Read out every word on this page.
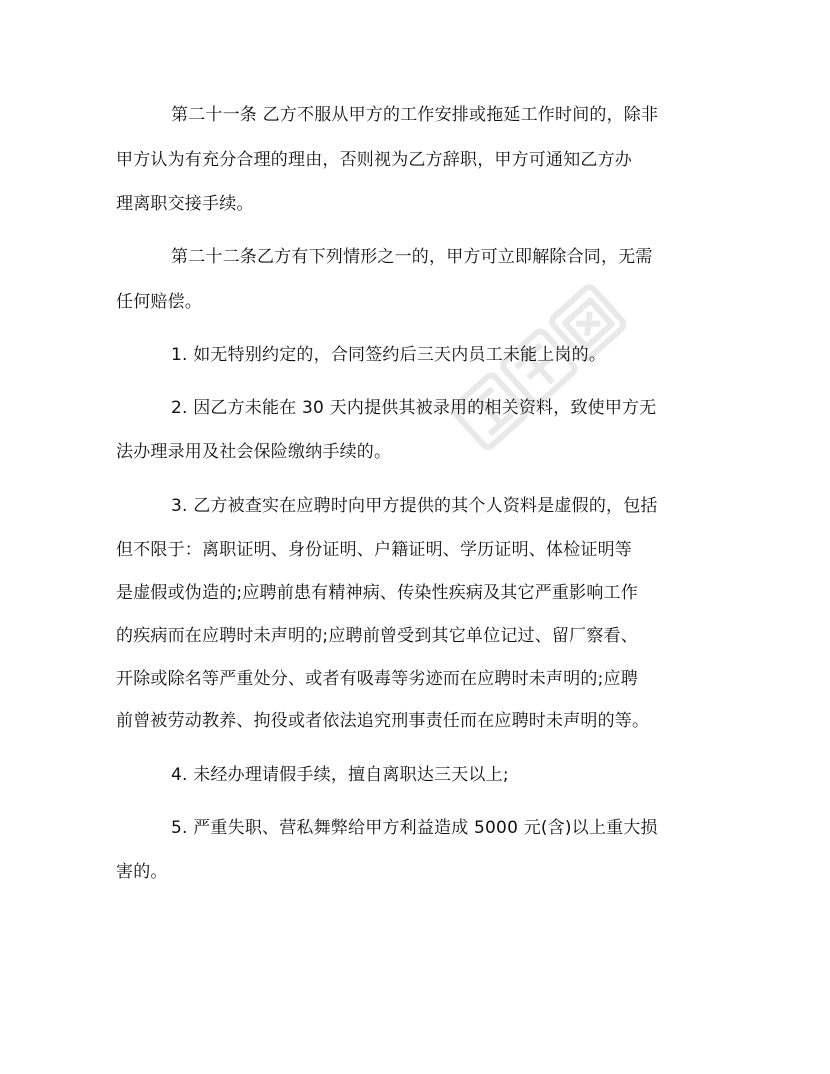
第二十一条 乙方不服从甲方的工作安排或拖延工作时间的，除非
甲方认为有充分合理的理由，否则视为乙方辞职，甲方可通知乙方办
理离职交接手续。
第二十二条乙方有下列情形之一的，甲方可立即解除合同，无需
任何赔偿。
1. 如无特别约定的，合同签约后三天内员工未能上岗的。
2. 因乙方未能在 30 天内提供其被录用的相关资料，致使甲方无
法办理录用及社会保险缴纳手续的。
3. 乙方被查实在应聘时向甲方提供的其个人资料是虚假的，包括
但不限于：离职证明、身份证明、户籍证明、学历证明、体检证明等
是虚假或伪造的;应聘前患有精神病、传染性疾病及其它严重影响工作
的疾病而在应聘时未声明的;应聘前曾受到其它单位记过、留厂察看、
开除或除名等严重处分、或者有吸毒等劣迹而在应聘时未声明的;应聘
前曾被劳动教养、拘役或者依法追究刑事责任而在应聘时未声明的等。
4. 未经办理请假手续，擅自离职达三天以上;
5. 严重失职、营私舞弊给甲方利益造成 5000 元(含)以上重大损
害的。
